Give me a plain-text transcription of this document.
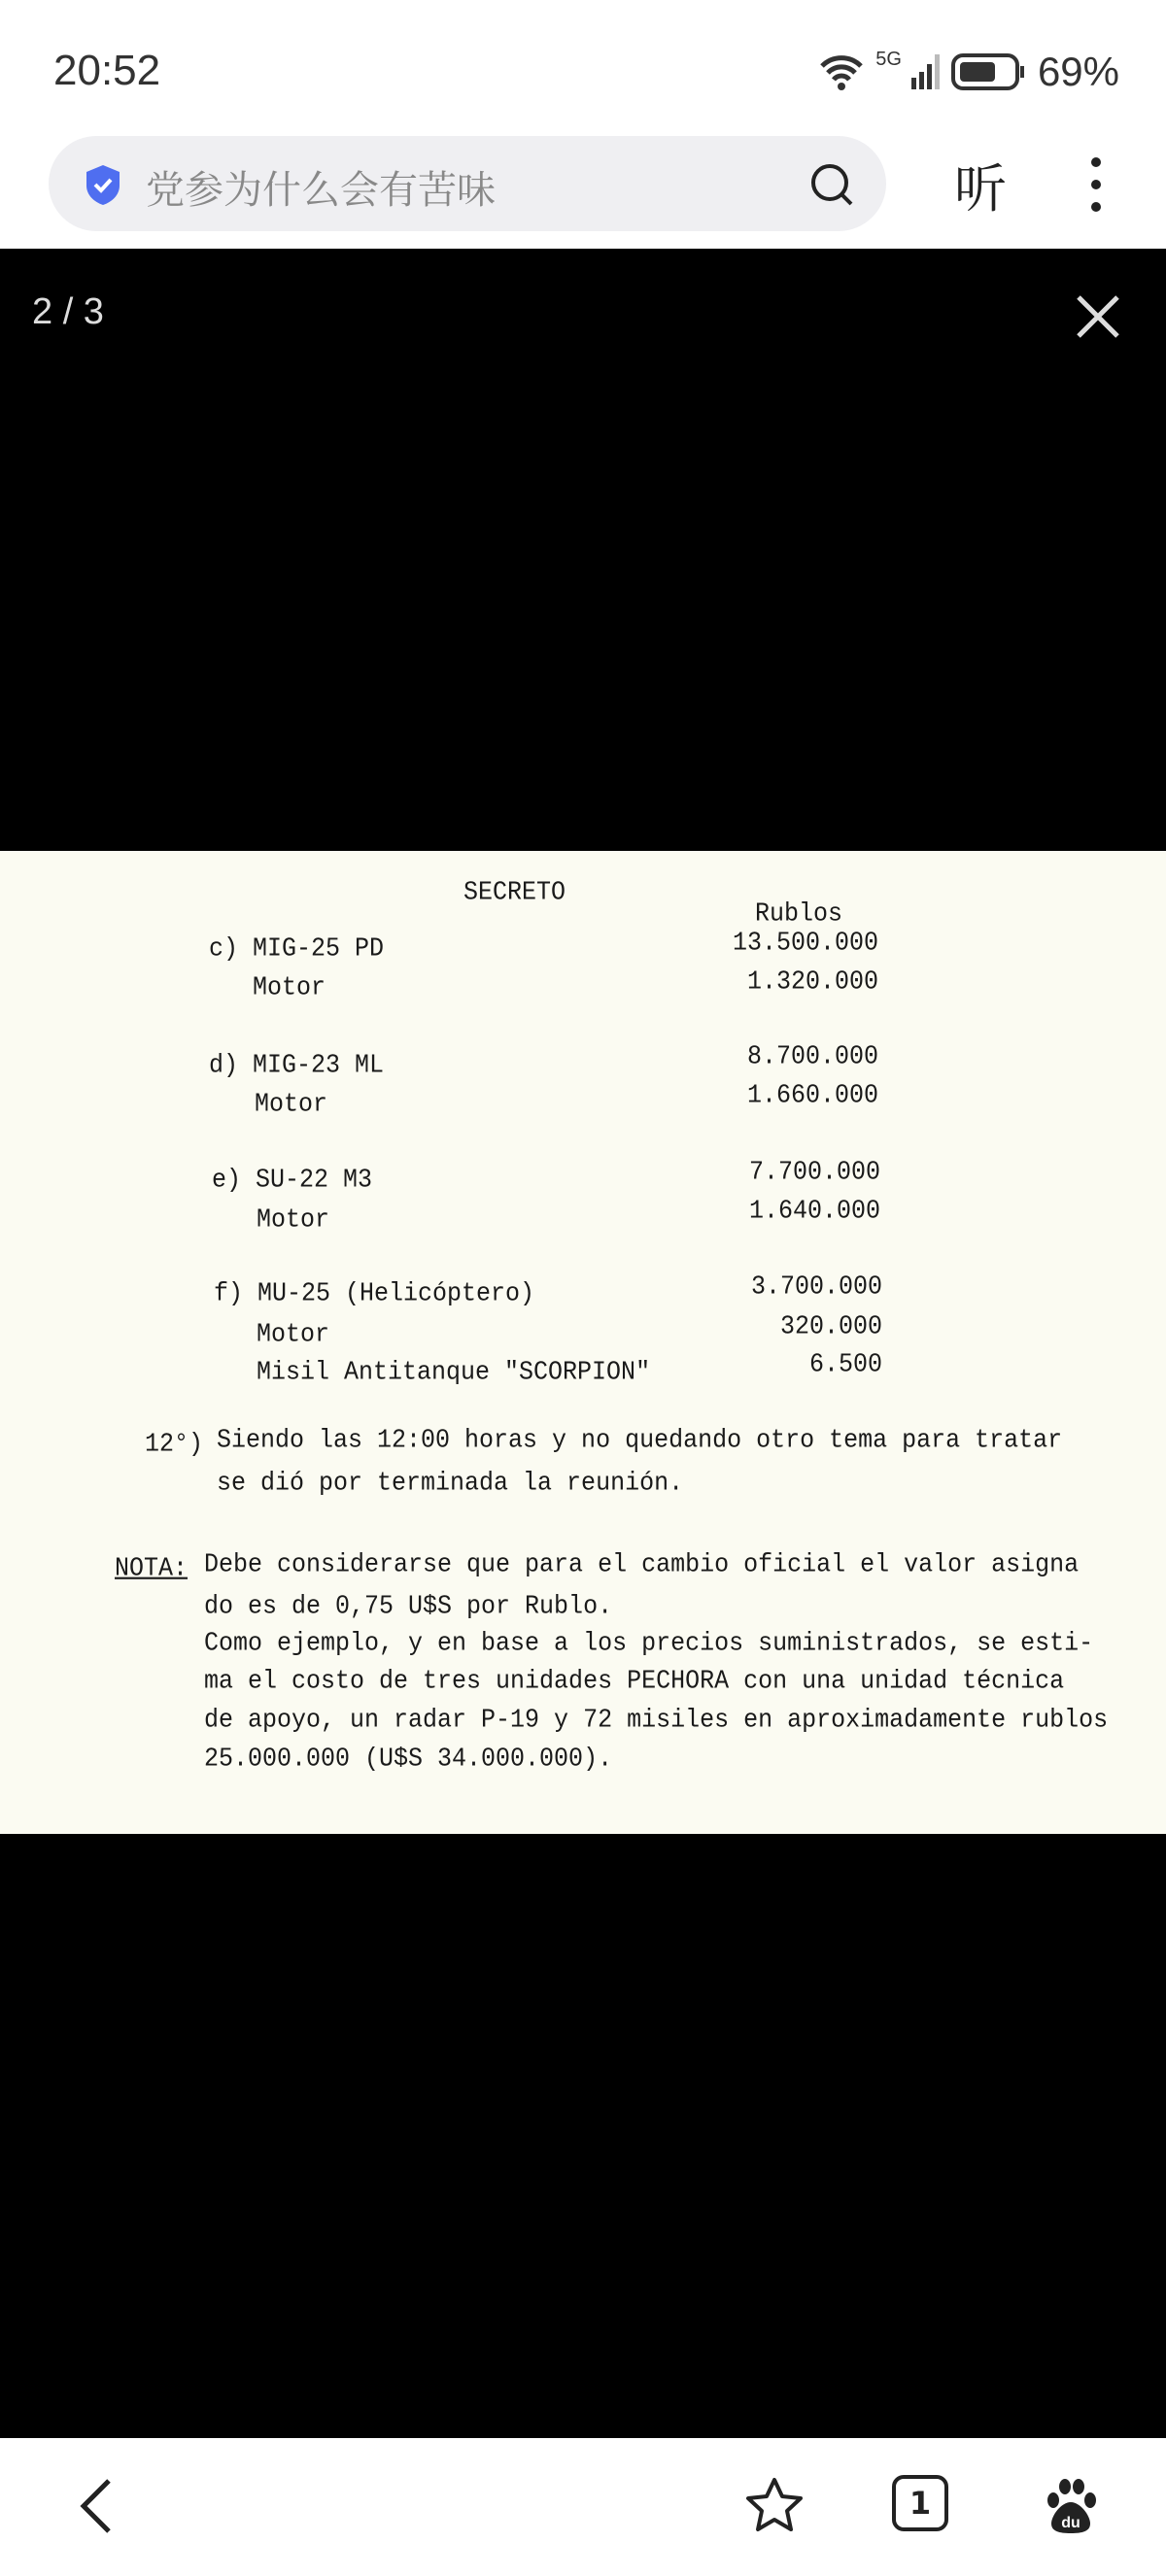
20:52	5G	69%
党参为什么会有苦味	听
2 / 3
SECRETO
Rublos
c) MIG-25 PD	13.500.000
Motor	1.320.000
d) MIG-23 ML	8.700.000
Motor	1.660.000
e) SU-22 M3	7.700.000
Motor	1.640.000
f) MU-25 (Helicóptero)	3.700.000
Motor	320.000
Misil Antitanque "SCORPION"	6.500
12°) Siendo las 12:00 horas y no quedando otro tema para tratar
se dió por terminada la reunión.
NOTA: Debe considerarse que para el cambio oficial el valor asigna
do es de 0,75 U$S por Rublo.
Como ejemplo, y en base a los precios suministrados, se esti-
ma el costo de tres unidades PECHORA con una unidad técnica
de apoyo, un radar P-19 y 72 misiles en aproximadamente rublos
25.000.000 (U$S 34.000.000).
1
du
